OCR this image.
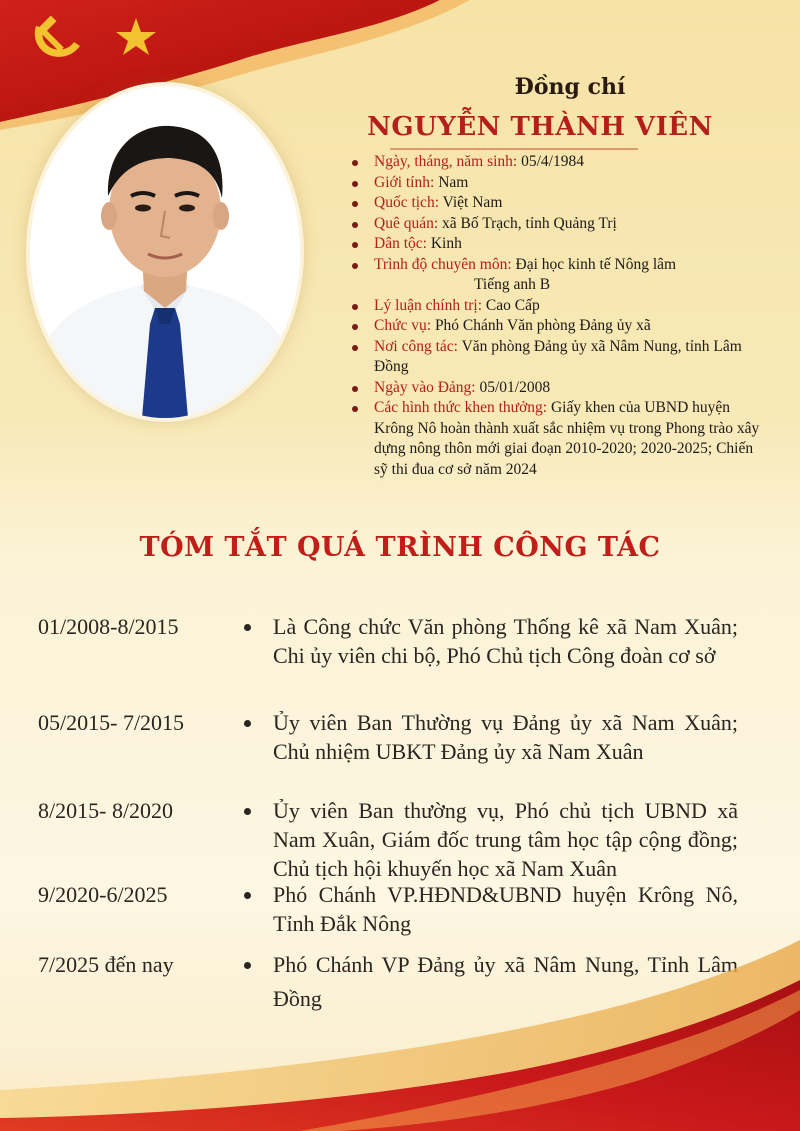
Đồng chí
NGUYỄN THÀNH VIÊN
Ngày, tháng, năm sinh: 05/4/1984
Giới tính: Nam
Quốc tịch: Việt Nam
Quê quán: xã Bố Trạch, tỉnh Quảng Trị
Dân tộc: Kinh
Trình độ chuyên môn: Đại học kinh tế Nông lâm
Tiếng anh B
Lý luận chính trị: Cao Cấp
Chức vụ: Phó Chánh Văn phòng Đảng ủy xã
Nơi công tác: Văn phòng Đảng ủy xã Nâm Nung, tỉnh Lâm Đồng
Ngày vào Đảng: 05/01/2008
Các hình thức khen thưởng: Giấy khen của UBND huyện Krông Nô hoàn thành xuất sắc nhiệm vụ trong Phong trào xây dựng nông thôn mới giai đoạn 2010-2020; 2020-2025; Chiến sỹ thi đua cơ sở năm 2024
TÓM TẮT QUÁ TRÌNH CÔNG TÁC
01/2008-8/2015	Là Công chức Văn phòng Thống kê xã Nam Xuân; Chi ủy viên chi bộ, Phó Chủ tịch Công đoàn cơ sở
05/2015- 7/2015	Ủy viên Ban Thường vụ Đảng ủy xã Nam Xuân; Chủ nhiệm UBKT Đảng ủy xã Nam Xuân
8/2015- 8/2020	Ủy viên Ban thường vụ, Phó chủ tịch UBND xã Nam Xuân, Giám đốc trung tâm học tập cộng đồng; Chủ tịch hội khuyến học xã Nam Xuân
9/2020-6/2025	Phó Chánh VP.HĐND&UBND huyện Krông Nô, Tỉnh Đắk Nông
7/2025 đến nay	Phó Chánh VP Đảng ủy xã Nâm Nung, Tỉnh Lâm Đồng
